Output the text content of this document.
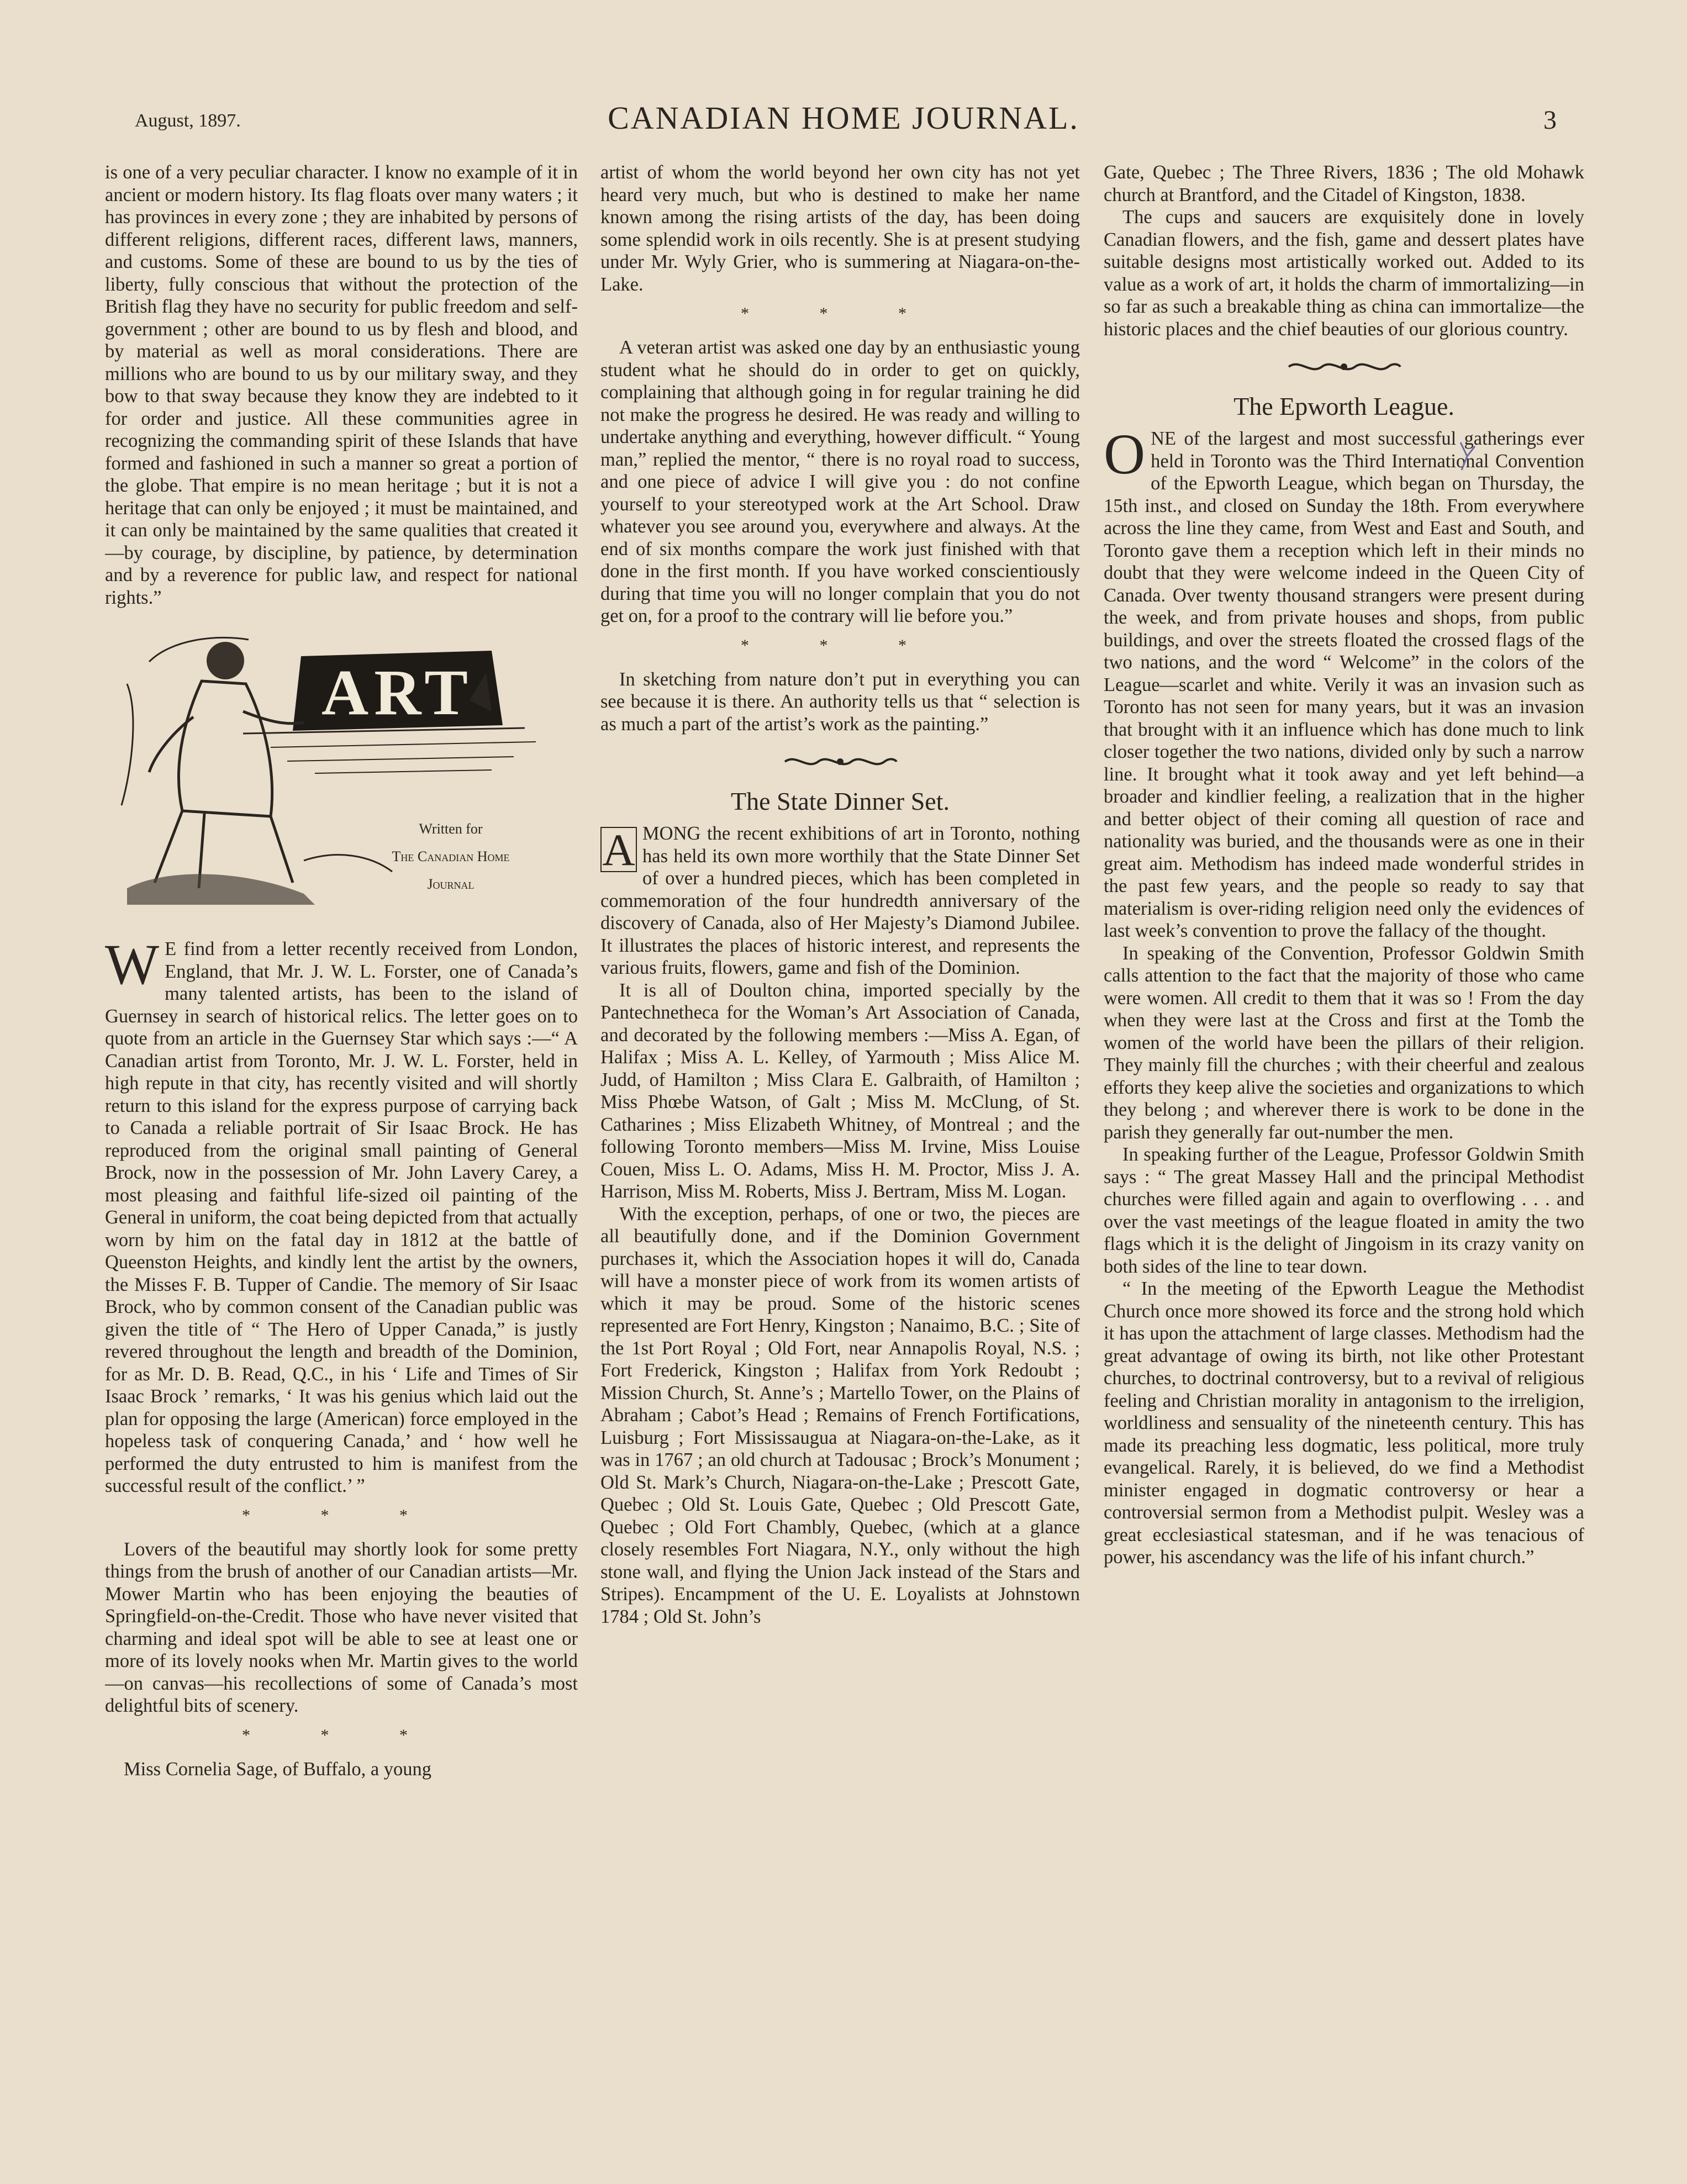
August, 1897.	CANADIAN HOME JOURNAL.	3

is one of a very peculiar character. I know no example of it in ancient or modern history. Its flag floats over many waters ; it has provinces in every zone ; they are inhabited by persons of different religions, different races, different laws, manners, and customs. Some of these are bound to us by the ties of liberty, fully conscious that without the protection of the British flag they have no security for public freedom and self-government ; other are bound to us by flesh and blood, and by material as well as moral considerations. There are millions who are bound to us by our military sway, and they bow to that sway because they know they are indebted to it for order and justice. All these communities agree in recognizing the commanding spirit of these Islands that have formed and fashioned in such a manner so great a portion of the globe. That empire is no mean heritage ; but it is not a heritage that can only be enjoyed ; it must be maintained, and it can only be maintained by the same qualities that created it—by courage, by discipline, by patience, by determination and by a reverence for public law, and respect for national rights.”

ART
Written for
The Canadian Home
Journal

W E find from a letter recently received from London, England, that Mr. J. W. L. Forster, one of Canada’s many talented artists, has been to the island of Guernsey in search of historical relics. The letter goes on to quote from an article in the Guernsey Star which says :—“ A Canadian artist from Toronto, Mr. J. W. L. Forster, held in high repute in that city, has recently visited and will shortly return to this island for the express purpose of carrying back to Canada a reliable portrait of Sir Isaac Brock. He has reproduced from the original small painting of General Brock, now in the possession of Mr. John Lavery Carey, a most pleasing and faithful life-sized oil painting of the General in uniform, the coat being depicted from that actually worn by him on the fatal day in 1812 at the battle of Queenston Heights, and kindly lent the artist by the owners, the Misses F. B. Tupper of Candie. The memory of Sir Isaac Brock, who by common consent of the Canadian public was given the title of “ The Hero of Upper Canada,” is justly revered throughout the length and breadth of the Dominion, for as Mr. D. B. Read, Q.C., in his ‘ Life and Times of Sir Isaac Brock ’ remarks, ‘ It was his genius which laid out the plan for opposing the large (American) force employed in the hopeless task of conquering Canada,’ and ‘ how well he performed the duty entrusted to him is manifest from the successful result of the conflict.’ ”

* * *

Lovers of the beautiful may shortly look for some pretty things from the brush of another of our Canadian artists—Mr. Mower Martin who has been enjoying the beauties of Springfield-on-the-Credit. Those who have never visited that charming and ideal spot will be able to see at least one or more of its lovely nooks when Mr. Martin gives to the world—on canvas—his recollections of some of Canada’s most delightful bits of scenery.

* * *

Miss Cornelia Sage, of Buffalo, a young

artist of whom the world beyond her own city has not yet heard very much, but who is destined to make her name known among the rising artists of the day, has been doing some splendid work in oils recently. She is at present studying under Mr. Wyly Grier, who is summering at Niagara-on-the-Lake.

* * *

A veteran artist was asked one day by an enthusiastic young student what he should do in order to get on quickly, complaining that although going in for regular training he did not make the progress he desired. He was ready and willing to undertake anything and everything, however difficult. “ Young man,” replied the mentor, “ there is no royal road to success, and one piece of advice I will give you : do not confine yourself to your stereotyped work at the Art School. Draw whatever you see around you, everywhere and always. At the end of six months compare the work just finished with that done in the first month. If you have worked conscientiously during that time you will no longer complain that you do not get on, for a proof to the contrary will lie before you.”

* * *

In sketching from nature don’t put in everything you can see because it is there. An authority tells us that “ selection is as much a part of the artist’s work as the painting.”

The State Dinner Set.

A MONG the recent exhibitions of art in Toronto, nothing has held its own more worthily that the State Dinner Set of over a hundred pieces, which has been completed in commemoration of the four hundredth anniversary of the discovery of Canada, also of Her Majesty’s Diamond Jubilee. It illustrates the places of historic interest, and represents the various fruits, flowers, game and fish of the Dominion.

It is all of Doulton china, imported specially by the Pantechnetheca for the Woman’s Art Association of Canada, and decorated by the following members :—Miss A. Egan, of Halifax ; Miss A. L. Kelley, of Yarmouth ; Miss Alice M. Judd, of Hamilton ; Miss Clara E. Galbraith, of Hamilton ; Miss Phœbe Watson, of Galt ; Miss M. McClung, of St. Catharines ; Miss Elizabeth Whitney, of Montreal ; and the following Toronto members—Miss M. Irvine, Miss Louise Couen, Miss L. O. Adams, Miss H. M. Proctor, Miss J. A. Harrison, Miss M. Roberts, Miss J. Bertram, Miss M. Logan.

With the exception, perhaps, of one or two, the pieces are all beautifully done, and if the Dominion Government purchases it, which the Association hopes it will do, Canada will have a monster piece of work from its women artists of which it may be proud. Some of the historic scenes represented are Fort Henry, Kingston ; Nanaimo, B.C. ; Site of the 1st Port Royal ; Old Fort, near Annapolis Royal, N.S. ; Fort Frederick, Kingston ; Halifax from York Redoubt ; Mission Church, St. Anne’s ; Martello Tower, on the Plains of Abraham ; Cabot’s Head ; Remains of French Fortifications, Luisburg ; Fort Mississaugua at Niagara-on-the-Lake, as it was in 1767 ; an old church at Tadousac ; Brock’s Monument ; Old St. Mark’s Church, Niagara-on-the-Lake ; Prescott Gate, Quebec ; Old St. Louis Gate, Quebec ; Old Prescott Gate, Quebec ; Old Fort Chambly, Quebec, (which at a glance closely resembles Fort Niagara, N.Y., only without the high stone wall, and flying the Union Jack instead of the Stars and Stripes). Encampment of the U. E. Loyalists at Johnstown 1784 ; Old St. John’s

Gate, Quebec ; The Three Rivers, 1836 ; The old Mohawk church at Brantford, and the Citadel of Kingston, 1838.

The cups and saucers are exquisitely done in lovely Canadian flowers, and the fish, game and dessert plates have suitable designs most artistically worked out. Added to its value as a work of art, it holds the charm of immortalizing—in so far as such a breakable thing as china can immortalize—the historic places and the chief beauties of our glorious country.

The Epworth League.

ONE of the largest and most successful gatherings ever held in Toronto was the Third International Convention of the Epworth League, which began on Thursday, the 15th inst., and closed on Sunday the 18th. From everywhere across the line they came, from West and East and South, and Toronto gave them a reception which left in their minds no doubt that they were welcome indeed in the Queen City of Canada. Over twenty thousand strangers were present during the week, and from private houses and shops, from public buildings, and over the streets floated the crossed flags of the two nations, and the word “ Welcome” in the colors of the League—scarlet and white. Verily it was an invasion such as Toronto has not seen for many years, but it was an invasion that brought with it an influence which has done much to link closer together the two nations, divided only by such a narrow line. It brought what it took away and yet left behind—a broader and kindlier feeling, a realization that in the higher and better object of their coming all question of race and nationality was buried, and the thousands were as one in their great aim. Methodism has indeed made wonderful strides in the past few years, and the people so ready to say that materialism is over-riding religion need only the evidences of last week’s convention to prove the fallacy of the thought.

In speaking of the Convention, Professor Goldwin Smith calls attention to the fact that the majority of those who came were women. All credit to them that it was so ! From the day when they were last at the Cross and first at the Tomb the women of the world have been the pillars of their religion. They mainly fill the churches ; with their cheerful and zealous efforts they keep alive the societies and organizations to which they belong ; and wherever there is work to be done in the parish they generally far out-number the men.

In speaking further of the League, Professor Goldwin Smith says : “ The great Massey Hall and the principal Methodist churches were filled again and again to overflowing . . . and over the vast meetings of the league floated in amity the two flags which it is the delight of Jingoism in its crazy vanity on both sides of the line to tear down.

“ In the meeting of the Epworth League the Methodist Church once more showed its force and the strong hold which it has upon the attachment of large classes. Methodism had the great advantage of owing its birth, not like other Protestant churches, to doctrinal controversy, but to a revival of religious feeling and Christian morality in antagonism to the irreligion, worldliness and sensuality of the nineteenth century. This has made its preaching less dogmatic, less political, more truly evangelical. Rarely, it is believed, do we find a Methodist minister engaged in dogmatic controversy or hear a controversial sermon from a Methodist pulpit. Wesley was a great ecclesiastical statesman, and if he was tenacious of power, his ascendancy was the life of his infant church.”
